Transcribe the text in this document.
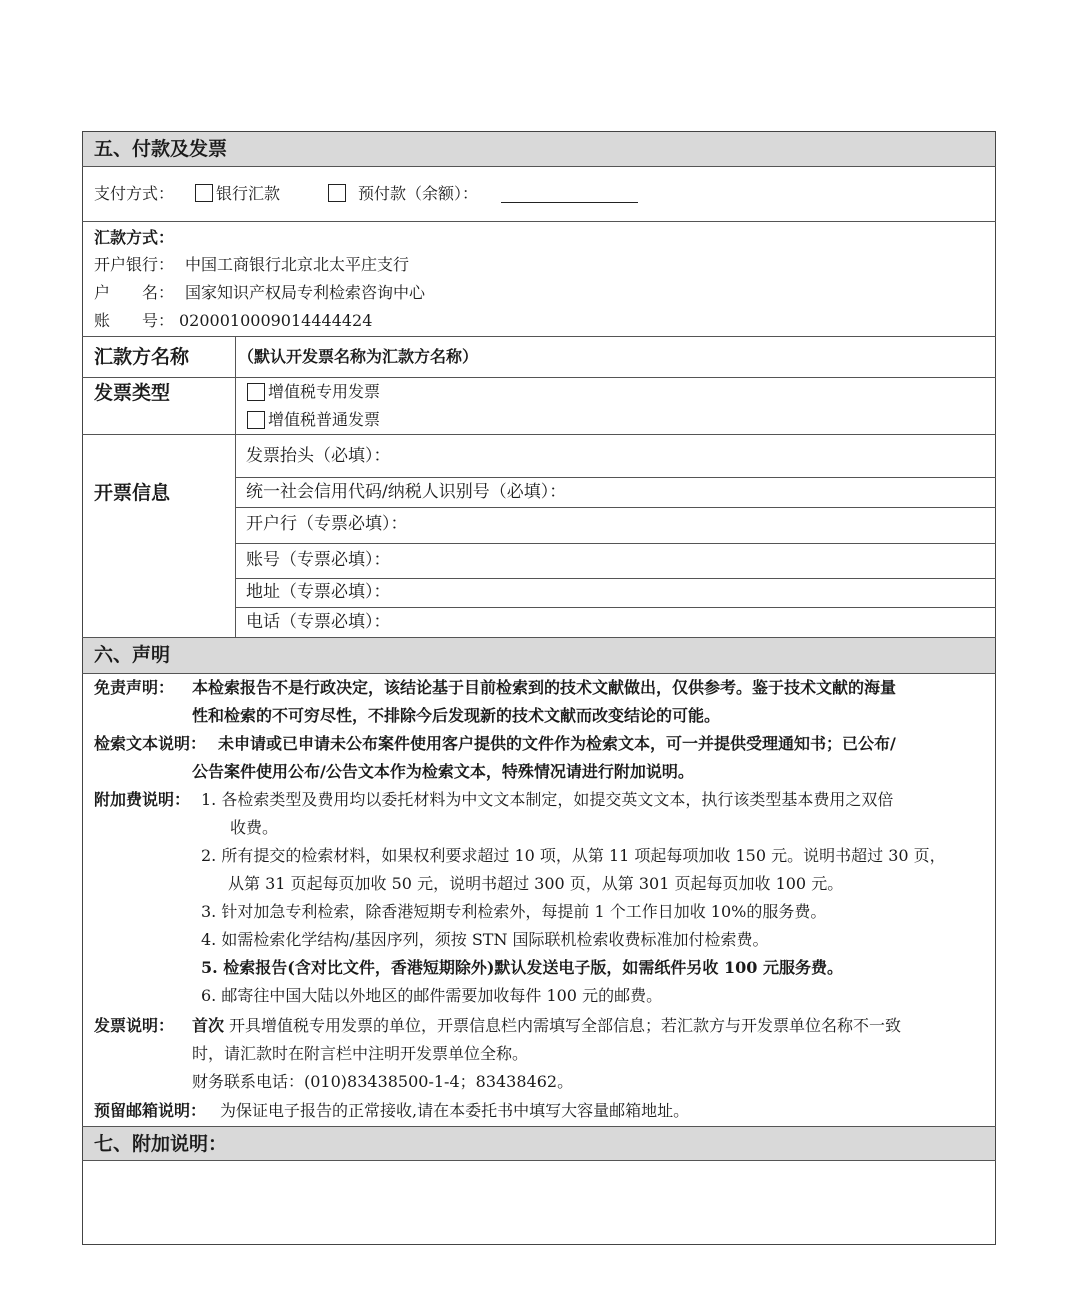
五、付款及发票
支付方式：	银行汇款	预付款（余额）：
汇款方式：
开户银行： 中国工商银行北京北太平庄支行
户　　名： 国家知识产权局专利检索咨询中心
账　　号： 0200010009014444424
汇款方名称	（默认开发票名称为汇款方名称）
发票类型	增值税专用发票
增值税普通发票
开票信息
发票抬头（必填）：
统一社会信用代码/纳税人识别号（必填）：
开户行（专票必填）：
账号（专票必填）：
地址（专票必填）：
电话（专票必填）：
六、声明
免责声明： 本检索报告不是行政决定，该结论基于目前检索到的技术文献做出，仅供参考。鉴于技术文献的海量
性和检索的不可穷尽性，不排除今后发现新的技术文献而改变结论的可能。
检索文本说明： 未申请或已申请未公布案件使用客户提供的文件作为检索文本，可一并提供受理通知书；已公布/
公告案件使用公布/公告文本作为检索文本，特殊情况请进行附加说明。
附加费说明： 1. 各检索类型及费用均以委托材料为中文文本制定，如提交英文文本，执行该类型基本费用之双倍
收费。
2. 所有提交的检索材料，如果权利要求超过 10 项，从第 11 项起每项加收 150 元。说明书超过 30 页，
从第 31 页起每页加收 50 元，说明书超过 300 页，从第 301 页起每页加收 100 元。
3. 针对加急专利检索，除香港短期专利检索外，每提前 1 个工作日加收 10%的服务费。
4. 如需检索化学结构/基因序列，须按 STN 国际联机检索收费标准加付检索费。
5. 检索报告(含对比文件，香港短期除外)默认发送电子版，如需纸件另收 100 元服务费。
6. 邮寄往中国大陆以外地区的邮件需要加收每件 100 元的邮费。
发票说明： 首次 开具增值税专用发票的单位，开票信息栏内需填写全部信息；若汇款方与开发票单位名称不一致
时，请汇款时在附言栏中注明开发票单位全称。
财务联系电话：(010)83438500-1-4；83438462。
预留邮箱说明： 为保证电子报告的正常接收,请在本委托书中填写大容量邮箱地址。
七、附加说明：
